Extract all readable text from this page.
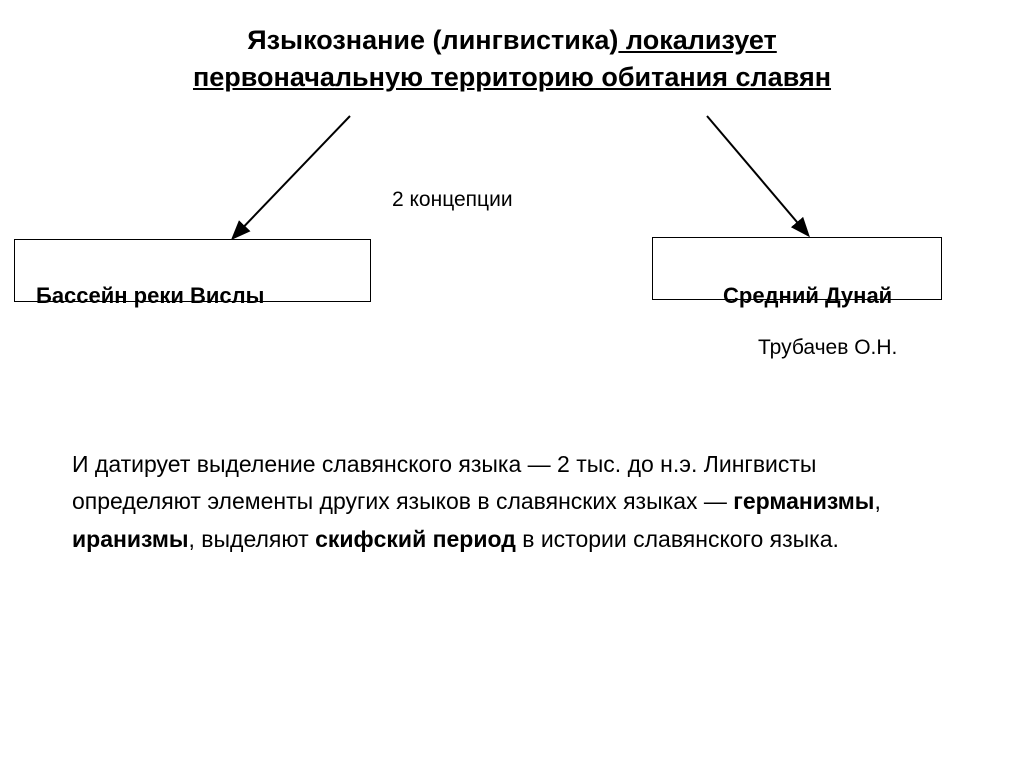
Языкознание (лингвистика) локализует
первоначальную территорию обитания славян
2 концепции
Бассейн реки Вислы	Средний Дунай
Трубачев О.Н.
И датирует выделение славянского языка — 2 тыс. до н.э. Лингвисты определяют элементы других языков в славянских языках — германизмы, иранизмы, выделяют скифский период в истории славянского языка.
